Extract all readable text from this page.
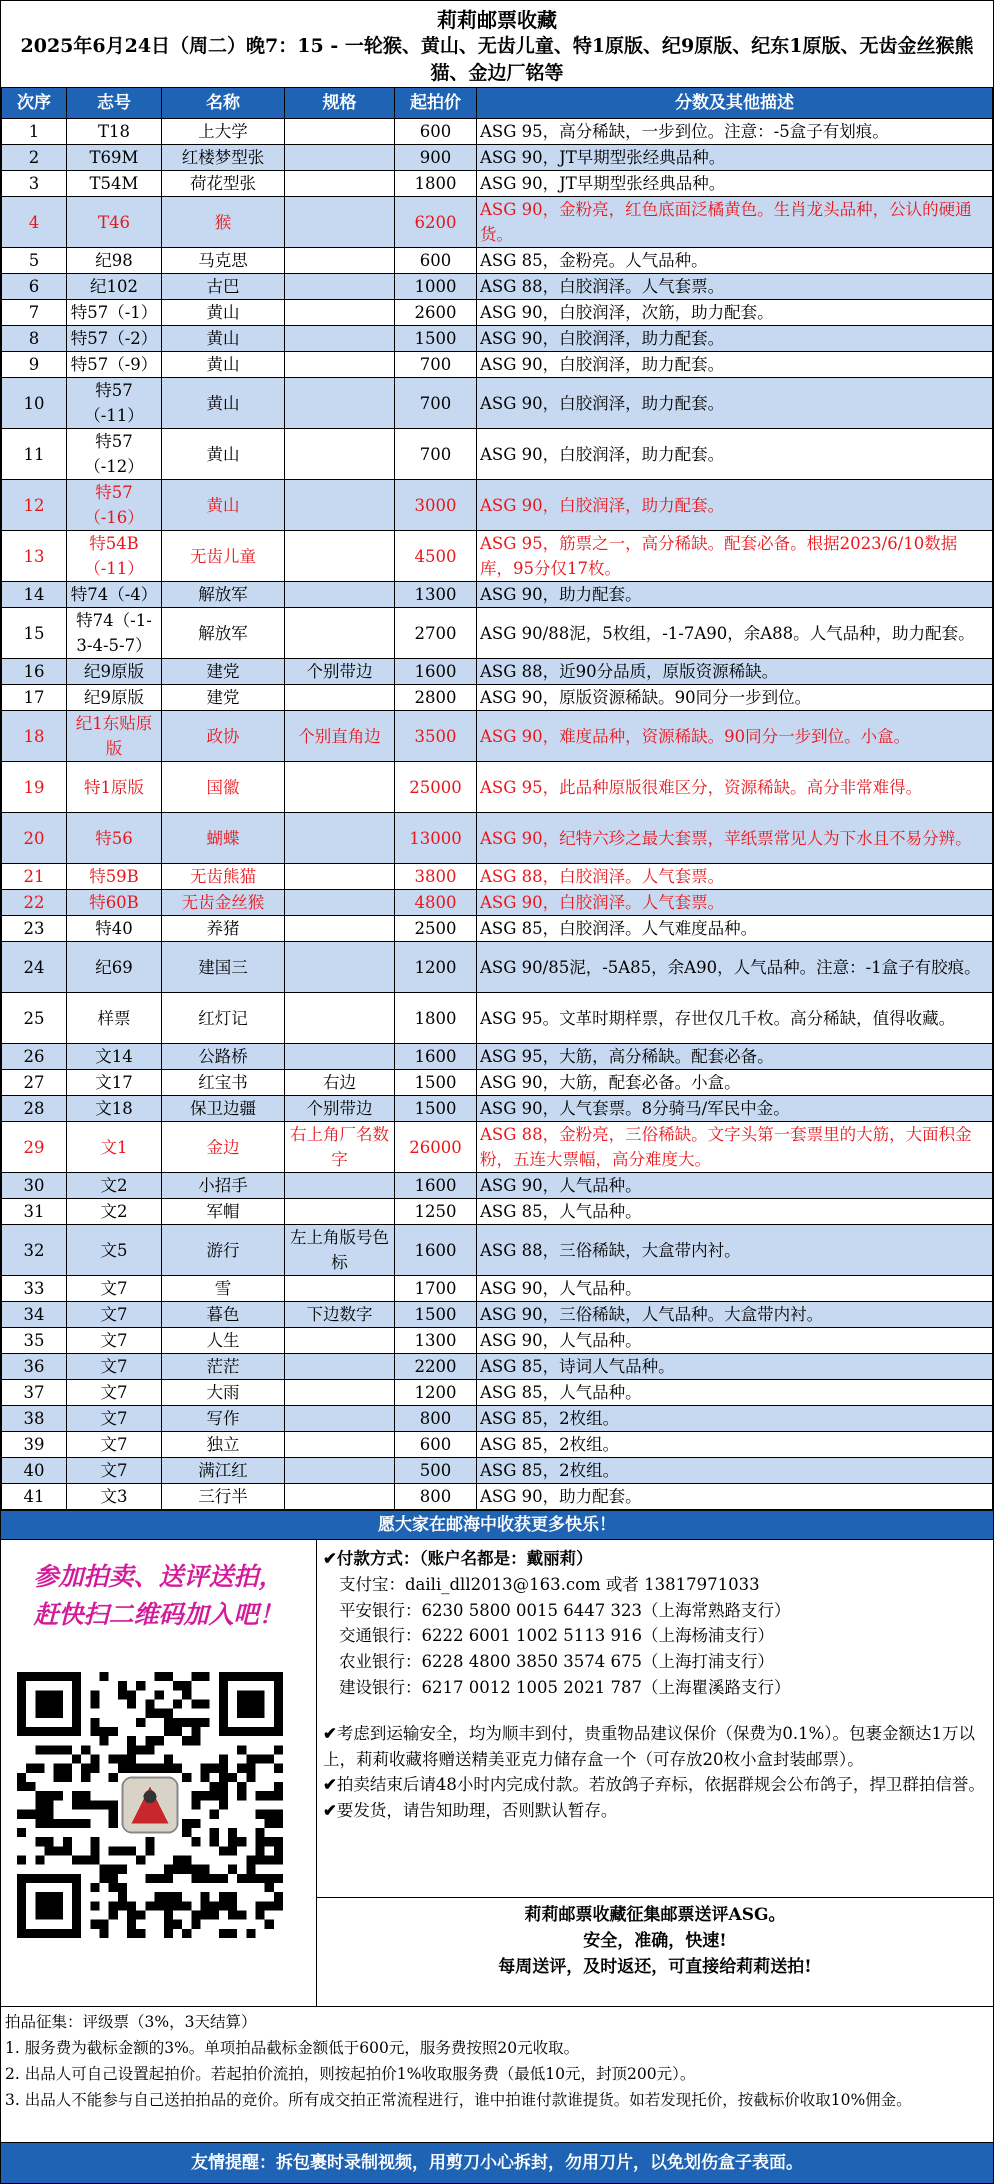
莉莉邮票收藏
2025年6月24日（周二）晚7：15 - 一轮猴、黄山、无齿儿童、特1原版、纪9原版、纪东1原版、无齿金丝猴熊猫、金边厂铭等
次序	志号	名称	规格	起拍价	分数及其他描述
1	T18	上大学		600	ASG 95，高分稀缺，一步到位。注意：-5盒子有划痕。
2	T69M	红楼梦型张		900	ASG 90，JT早期型张经典品种。
3	T54M	荷花型张		1800	ASG 90，JT早期型张经典品种。
4	T46	猴		6200	ASG 90，金粉亮，红色底面泛橘黄色。生肖龙头品种，公认的硬通货。
5	纪98	马克思		600	ASG 85，金粉亮。人气品种。
6	纪102	古巴		1000	ASG 88，白胶润泽。人气套票。
7	特57（-1）	黄山		2600	ASG 90，白胶润泽，次筋，助力配套。
8	特57（-2）	黄山		1500	ASG 90，白胶润泽，助力配套。
9	特57（-9）	黄山		700	ASG 90，白胶润泽，助力配套。
10	特57（-11）	黄山		700	ASG 90，白胶润泽，助力配套。
11	特57（-12）	黄山		700	ASG 90，白胶润泽，助力配套。
12	特57（-16）	黄山		3000	ASG 90，白胶润泽，助力配套。
13	特54B（-11）	无齿儿童		4500	ASG 95，筋票之一，高分稀缺。配套必备。根据2023/6/10数据库，95分仅17枚。
14	特74（-4）	解放军		1300	ASG 90，助力配套。
15	特74（-1-3-4-5-7）	解放军		2700	ASG 90/88泥，5枚组，-1-7A90，余A88。人气品种，助力配套。
16	纪9原版	建党	个别带边	1600	ASG 88，近90分品质，原版资源稀缺。
17	纪9原版	建党		2800	ASG 90，原版资源稀缺。90同分一步到位。
18	纪1东贴原版	政协	个别直角边	3500	ASG 90，难度品种，资源稀缺。90同分一步到位。小盒。
19	特1原版	国徽		25000	ASG 95，此品种原版很难区分，资源稀缺。高分非常难得。
20	特56	蝴蝶		13000	ASG 90，纪特六珍之最大套票，苹纸票常见人为下水且不易分辨。
21	特59B	无齿熊猫		3800	ASG 88，白胶润泽。人气套票。
22	特60B	无齿金丝猴		4800	ASG 90，白胶润泽。人气套票。
23	特40	养猪		2500	ASG 85，白胶润泽。人气难度品种。
24	纪69	建国三		1200	ASG 90/85泥，-5A85，余A90，人气品种。注意：-1盒子有胶痕。
25	样票	红灯记		1800	ASG 95。文革时期样票，存世仅几千枚。高分稀缺，值得收藏。
26	文14	公路桥		1600	ASG 95，大筋，高分稀缺。配套必备。
27	文17	红宝书	右边	1500	ASG 90，大筋，配套必备。小盒。
28	文18	保卫边疆	个别带边	1500	ASG 90，人气套票。8分骑马/军民中金。
29	文1	金边	右上角厂名数字	26000	ASG 88，金粉亮，三俗稀缺。文字头第一套票里的大筋，大面积金粉，五连大票幅，高分难度大。
30	文2	小招手		1600	ASG 90，人气品种。
31	文2	军帽		1250	ASG 85，人气品种。
32	文5	游行	左上角版号色标	1600	ASG 88，三俗稀缺，大盒带内衬。
33	文7	雪		1700	ASG 90，人气品种。
34	文7	暮色	下边数字	1500	ASG 90，三俗稀缺，人气品种。大盒带内衬。
35	文7	人生		1300	ASG 90，人气品种。
36	文7	茫茫		2200	ASG 85，诗词人气品种。
37	文7	大雨		1200	ASG 85，人气品种。
38	文7	写作		800	ASG 85，2枚组。
39	文7	独立		600	ASG 85，2枚组。
40	文7	满江红		500	ASG 85，2枚组。
41	文3	三行半		800	ASG 90，助力配套。
愿大家在邮海中收获更多快乐！
参加拍卖、送评送拍，
赶快扫二维码加入吧！
✔付款方式：（账户名都是：戴丽莉）
支付宝：daili_dll2013@163.com 或者 13817971033
平安银行：6230 5800 0015 6447 323（上海常熟路支行）
交通银行：6222 6001 1002 5113 916（上海杨浦支行）
农业银行：6228 4800 3850 3574 675（上海打浦支行）
建设银行：6217 0012 1005 2021 787（上海瞿溪路支行）
✔考虑到运输安全，均为顺丰到付，贵重物品建议保价（保费为0.1%）。包裹金额达1万以上，莉莉收藏将赠送精美亚克力储存盒一个（可存放20枚小盒封装邮票）。
✔拍卖结束后请48小时内完成付款。若放鸽子弃标，依据群规会公布鸽子，捍卫群拍信誉。
✔要发货，请告知助理，否则默认暂存。
莉莉邮票收藏征集邮票送评ASG。
安全，准确，快速!
每周送评，及时返还，可直接给莉莉送拍!
拍品征集：评级票（3%，3天结算）
1. 服务费为截标金额的3%。单项拍品截标金额低于600元，服务费按照20元收取。
2. 出品人可自己设置起拍价。若起拍价流拍，则按起拍价1%收取服务费（最低10元，封顶200元）。
3. 出品人不能参与自己送拍拍品的竞价。所有成交拍正常流程进行，谁中拍谁付款谁提货。如若发现托价，按截标价收取10%佣金。
友情提醒：拆包裹时录制视频，用剪刀小心拆封，勿用刀片，以免划伤盒子表面。
